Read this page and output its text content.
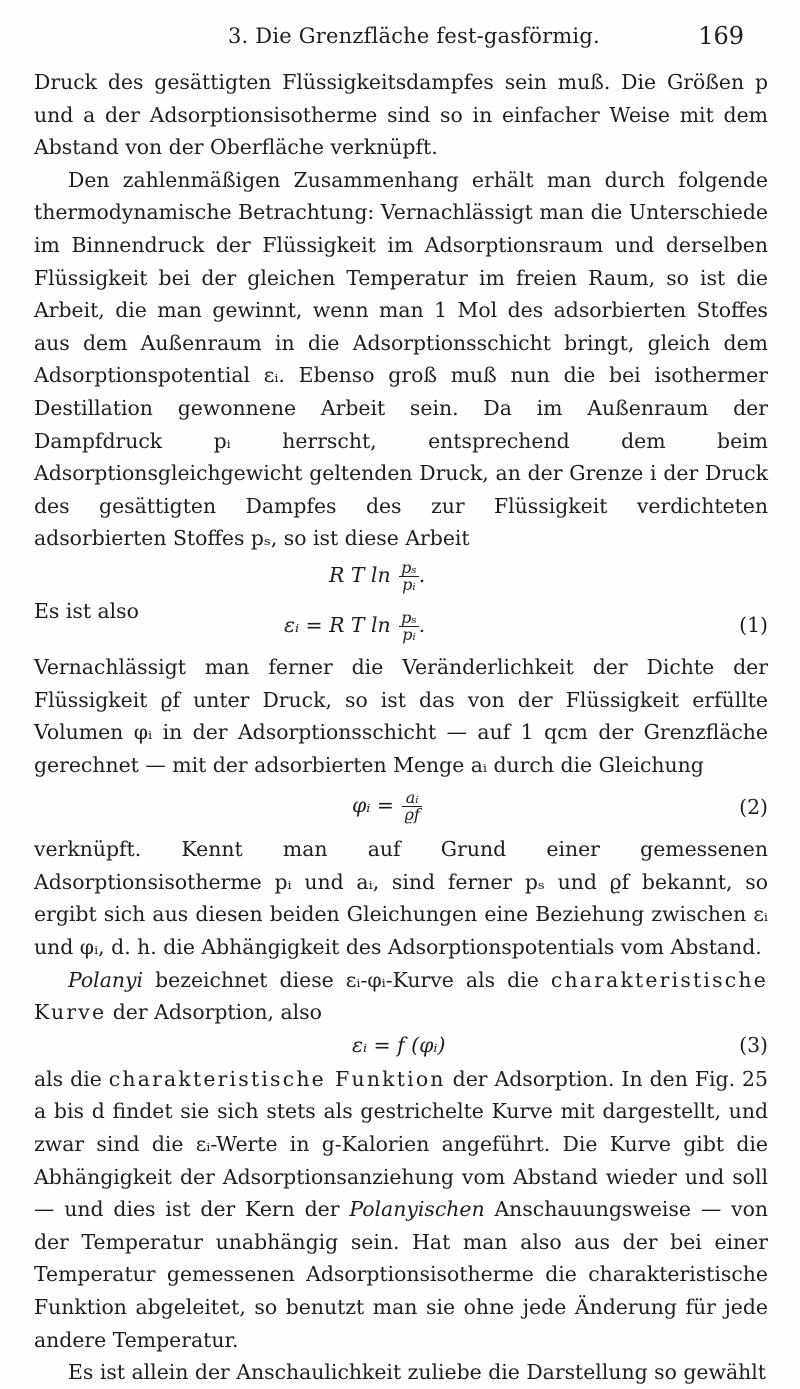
3. Die Grenzfläche fest-gasförmig.	169

Druck des gesättigten Flüssigkeitsdampfes sein muß. Die Größen p und a der Adsorptionsisotherme sind so in einfacher Weise mit dem Abstand von der Oberfläche verknüpft.

Den zahlenmäßigen Zusammenhang erhält man durch folgende thermodynamische Betrachtung: Vernachlässigt man die Unterschiede im Binnendruck der Flüssigkeit im Adsorptionsraum und derselben Flüssigkeit bei der gleichen Temperatur im freien Raum, so ist die Arbeit, die man gewinnt, wenn man 1 Mol des adsorbierten Stoffes aus dem Außenraum in die Adsorptionsschicht bringt, gleich dem Adsorptionspotential εᵢ. Ebenso groß muß nun die bei isothermer Destillation gewonnene Arbeit sein. Da im Außenraum der Dampfdruck pᵢ herrscht, entsprechend dem beim Adsorptionsgleichgewicht geltenden Druck, an der Grenze i der Druck des gesättigten Dampfes des zur Flüssigkeit verdichteten adsorbierten Stoffes pₛ, so ist diese Arbeit

R T $\ln \frac{\text{pₛ}}{\text{pᵢ}}$ .
Es ist also
εᵢ = R T $\ln \frac{\text{pₛ}}{\text{pᵢ}}$ .	(1)

Vernachlässigt man ferner die Veränderlichkeit der Dichte der Flüssigkeit ϱf unter Druck, so ist das von der Flüssigkeit erfüllte Volumen φᵢ in der Adsorptionsschicht — auf 1 qcm der Grenzfläche gerechnet — mit der adsorbierten Menge aᵢ durch die Gleichung

φᵢ = $\frac{\text{aᵢ}}{ϱf}$	(2)

verknüpft. Kennt man auf Grund einer gemessenen Adsorptionsisotherme pᵢ und aᵢ, sind ferner pₛ und ϱf bekannt, so ergibt sich aus diesen beiden Gleichungen eine Beziehung zwischen εᵢ und φᵢ, d. h. die Abhängigkeit des Adsorptionspotentials vom Abstand.

Polanyi bezeichnet diese εᵢ-φᵢ-Kurve als die charakteristische Kurve der Adsorption, also

εᵢ = f (φᵢ)	(3)

als die charakteristische Funktion der Adsorption. In den Fig. 25 a bis d findet sie sich stets als gestrichelte Kurve mit dargestellt, und zwar sind die εᵢ-Werte in g-Kalorien angeführt. Die Kurve gibt die Abhängigkeit der Adsorptionsanziehung vom Abstand wieder und soll — und dies ist der Kern der Polanyischen Anschauungsweise — von der Temperatur unabhängig sein. Hat man also aus der bei einer Temperatur gemessenen Adsorptionsisotherme die charakteristische Funktion abgeleitet, so benutzt man sie ohne jede Änderung für jede andere Temperatur.

Es ist allein der Anschaulichkeit zuliebe die Darstellung so gewählt
